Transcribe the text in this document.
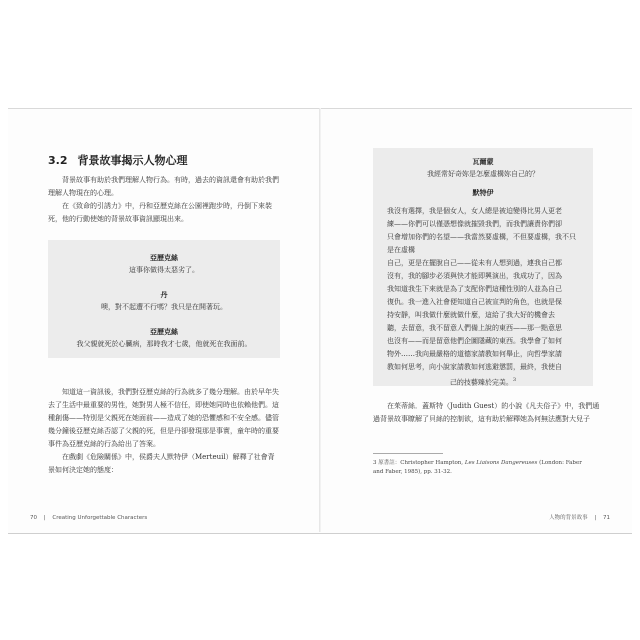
3.2 背景故事揭示人物心理

背景故事有助於我們理解人物行為。有時，過去的資訊還會有助於我們理解人物現在的心理。

在《致命的引誘力》中，丹和亞歷克絲在公園裡跑步時，丹倒下來裝死，他的行動使她的背景故事資訊顯現出來。

亞歷克絲
這事你做得太惡劣了。
丹
噢，對不起遭不行嗎？我只是在開著玩。
亞歷克絲
我父親就死於心臟病，那時我才七歲，他就死在我面前。

知道這一資訊後，我們對亞歷克絲的行為就多了幾分理解。由於早年失去了生活中最重要的男性，她對男人極不信任，即使她同時也依賴他們。這種創傷——特別是父親死在她面前——造成了她的恐懼感和不安全感。儘管幾分鐘後亞歷克絲否認了父親的死，但是丹卻發現那是事實，童年時的重要事件為亞歷克絲的行為給出了答案。

在戲劇《危險關係》中，侯爵夫人默特伊（Merteuil）解釋了社會背景如何決定她的態度：

70 | Creating Unforgettable Characters
瓦爾蒙
我經常好奇妳是怎麼虛構妳自己的？
默特伊
我沒有選擇，我是個女人，女人總是被迫變得比男人更老
練——你們可以僅憑想像就摧毀我們，而我們讓責你們卻
只會增加你們的名望——我當然要虛構，不但要虛構，我不只是在虛構
自己，更是在擺脫自己——從未有人想到過，連我自己都
沒有，我的腳步必須與快才能即興演出，我成功了，因為
我知道我生下來就是為了支配你們這種性別的人並為自己
復仇。我一進入社會便知道自己被宣判的角色，也就是保
持安靜，叫我做什麼就做什麼，這給了我大好的機會去
聽，去留意，我不留意人們備上說的東西——那一點意思
也沒有——而是留意他們企圖隱藏的東西。我學會了如何
物外……我向最嚴格的道德家請教如何舉止，向哲學家請
教如何思考，向小說家請教如何逃避懲罰，最終，我使自
己的技藝臻於完美。$^3$
在茱蒂絲．蓋斯特（Judith Guest）的小說《凡夫俗子》中，我們通
過背景故事瞭解了貝絲的控制欲，這有助於解釋她為何無法應對大兒子
3 原書註：Christopher Hampton, Les Liaisons Dangereuses (London: Faber and Faber, 1985), pp. 31-32.
人物的背景故事 | 71
